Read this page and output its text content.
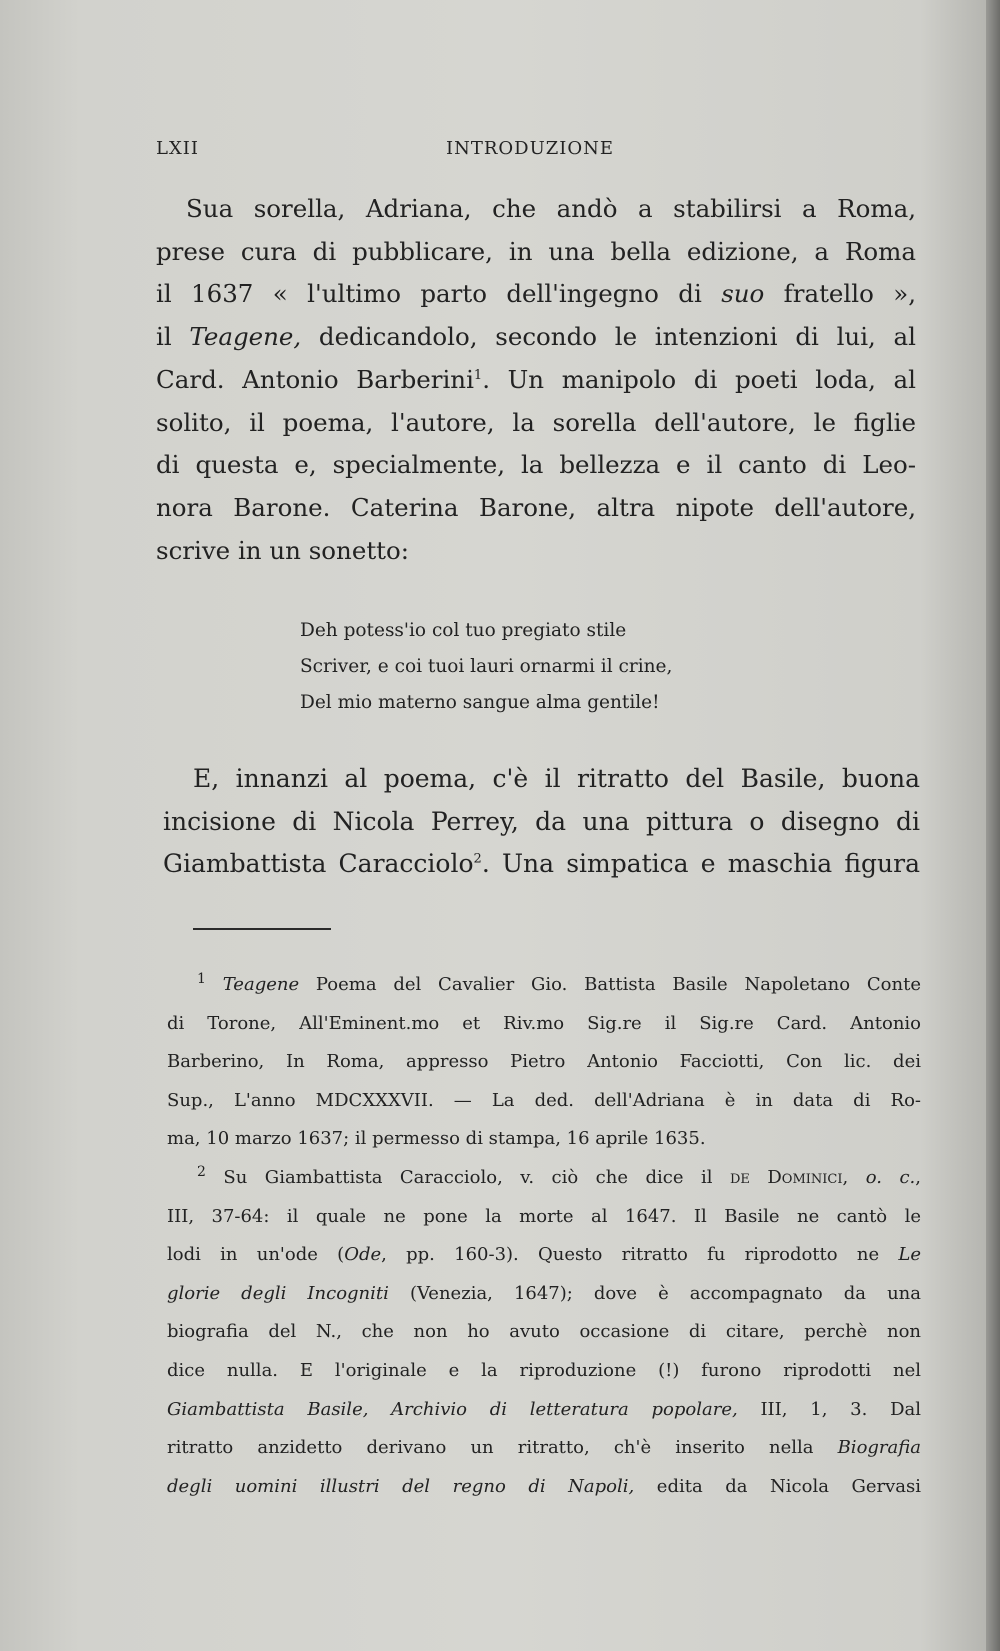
LXII	INTRODUZIONE
Sua sorella, Adriana, che andò a stabilirsi a Roma,
prese cura di pubblicare, in una bella edizione, a Roma
il 1637 « l'ultimo parto dell'ingegno di suo fratello »,
il Teagene, dedicandolo, secondo le intenzioni di lui, al
Card. Antonio Barberini$^1$. Un manipolo di poeti loda, al
solito, il poema, l'autore, la sorella dell'autore, le figlie
di questa e, specialmente, la bellezza e il canto di Leo-
nora Barone. Caterina Barone, altra nipote dell'autore,
scrive in un sonetto:
Deh potess'io col tuo pregiato stile
Scriver, e coi tuoi lauri ornarmi il crine,
Del mio materno sangue alma gentile!
E, innanzi al poema, c'è il ritratto del Basile, buona
incisione di Nicola Perrey, da una pittura o disegno di
Giambattista Caracciolo$^2$. Una simpatica e maschia figura
$^1$ Teagene Poema del Cavalier Gio. Battista Basile Napoletano Conte
di Torone, All'Eminent.mo et Riv.mo Sig.re il Sig.re Card. Antonio
Barberino, In Roma, appresso Pietro Antonio Facciotti, Con lic. dei
Sup., L'anno MDCXXXVII. — La ded. dell'Adriana è in data di Ro-
ma, 10 marzo 1637; il permesso di stampa, 16 aprile 1635.
$^2$ Su Giambattista Caracciolo, v. ciò che dice il de Dominici, o. c.,
III, 37-64: il quale ne pone la morte al 1647. Il Basile ne cantò le
lodi in un'ode (Ode, pp. 160-3). Questo ritratto fu riprodotto ne Le
glorie degli Incogniti (Venezia, 1647); dove è accompagnato da una
biografia del N., che non ho avuto occasione di citare, perchè non
dice nulla. E l'originale e la riproduzione (!) furono riprodotti nel
Giambattista Basile, Archivio di letteratura popolare, III, 1, 3. Dal
ritratto anzidetto derivano un ritratto, ch'è inserito nella Biografia
degli uomini illustri del regno di Napoli, edita da Nicola Gervasi
